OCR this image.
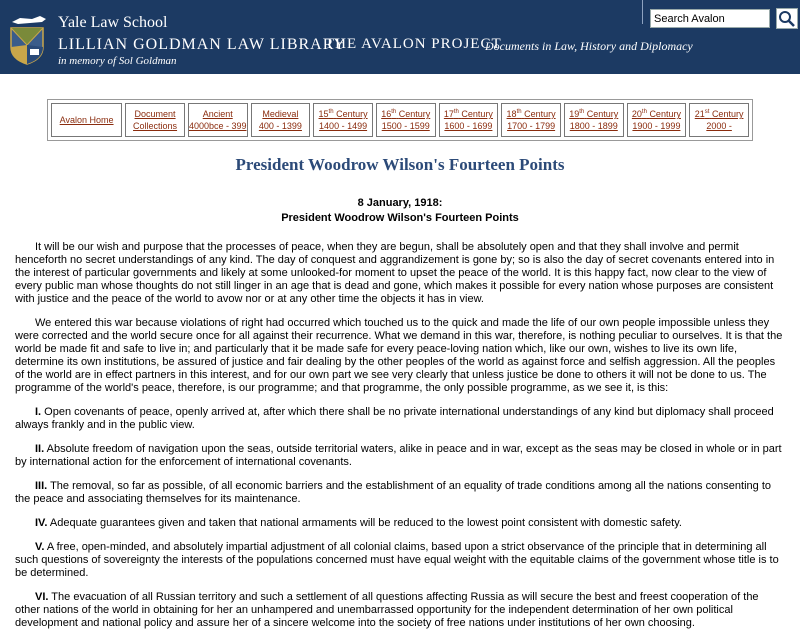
Yale Law School
LILLIAN GOLDMAN LAW LIBRARY
in memory of Sol Goldman
THE AVALON PROJECT
Documents in Law, History and Diplomacy
Search Avalon
Avalon Home
Document
Collections
Ancient
4000bce - 399
Medieval
400 - 1399
15th Century
1400 - 1499
16th Century
1500 - 1599
17th Century
1600 - 1699
18th Century
1700 - 1799
19th Century
1800 - 1899
20th Century
1900 - 1999
21st Century
2000 -
President Woodrow Wilson's Fourteen Points
8 January, 1918:
President Woodrow Wilson's Fourteen Points

It will be our wish and purpose that the processes of peace, when they are begun, shall be absolutely open and that they shall involve and permit henceforth no secret understandings of any kind. The day of conquest and aggrandizement is gone by; so is also the day of secret covenants entered into in the interest of particular governments and likely at some unlooked-for moment to upset the peace of the world. It is this happy fact, now clear to the view of every public man whose thoughts do not still linger in an age that is dead and gone, which makes it possible for every nation whose purposes are consistent with justice and the peace of the world to avow nor or at any other time the objects it has in view.

We entered this war because violations of right had occurred which touched us to the quick and made the life of our own people impossible unless they were corrected and the world secure once for all against their recurrence. What we demand in this war, therefore, is nothing peculiar to ourselves. It is that the world be made fit and safe to live in; and particularly that it be made safe for every peace-loving nation which, like our own, wishes to live its own life, determine its own institutions, be assured of justice and fair dealing by the other peoples of the world as against force and selfish aggression. All the peoples of the world are in effect partners in this interest, and for our own part we see very clearly that unless justice be done to others it will not be done to us. The programme of the world's peace, therefore, is our programme; and that programme, the only possible programme, as we see it, is this:

I. Open covenants of peace, openly arrived at, after which there shall be no private international understandings of any kind but diplomacy shall proceed always frankly and in the public view.

II. Absolute freedom of navigation upon the seas, outside territorial waters, alike in peace and in war, except as the seas may be closed in whole or in part by international action for the enforcement of international covenants.

III. The removal, so far as possible, of all economic barriers and the establishment of an equality of trade conditions among all the nations consenting to the peace and associating themselves for its maintenance.

IV. Adequate guarantees given and taken that national armaments will be reduced to the lowest point consistent with domestic safety.

V. A free, open-minded, and absolutely impartial adjustment of all colonial claims, based upon a strict observance of the principle that in determining all such questions of sovereignty the interests of the populations concerned must have equal weight with the equitable claims of the government whose title is to be determined.

VI. The evacuation of all Russian territory and such a settlement of all questions affecting Russia as will secure the best and freest cooperation of the other nations of the world in obtaining for her an unhampered and unembarrassed opportunity for the independent determination of her own political development and national policy and assure her of a sincere welcome into the society of free nations under institutions of her own choosing.
